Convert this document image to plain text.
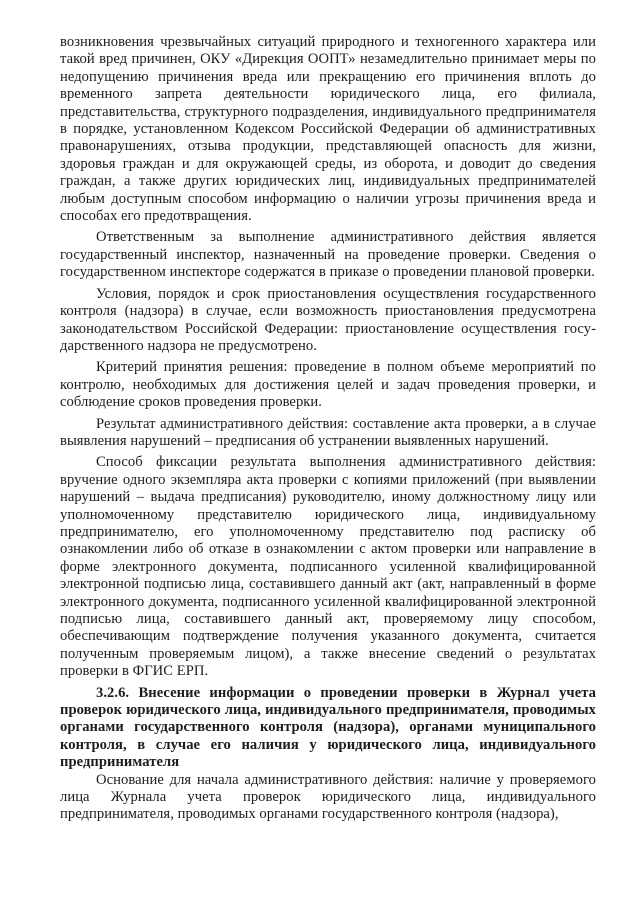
возникновения чрезвычайных ситуаций природного и техногенного характера или такой вред причинен, ОКУ «Дирекция ООПТ» незамедлительно принимает меры по недопущению причинения вреда или прекращению его причинения вплоть до временного запрета деятельности юридического лица, его филиала, представительства, структурного подразделения, индивидуального предпринимателя в порядке, установленном Кодексом Российской Федерации об административных правонарушениях, отзыва продукции, представляющей опасность для жизни, здоровья граждан и для окружающей среды, из оборота, и доводит до сведения граждан, а также других юридических лиц, индивидуальных предпринимателей любым доступным способом информацию о наличии угрозы причинения вреда и способах его предотвращения.

Ответственным за выполнение административного действия является государственный инспектор, назначенный на проведение проверки. Сведения о государственном инспекторе содержатся в приказе о проведении плановой проверки.

Условия, порядок и срок приостановления осуществления государственного контроля (надзора) в случае, если возможность приостановления предусмотрена законодательством Российской Федерации: приостановление осуществления госу-дарственного надзора не предусмотрено.

Критерий принятия решения: проведение в полном объеме мероприятий по контролю, необходимых для достижения целей и задач проведения проверки, и соблюдение сроков проведения проверки.

Результат административного действия: составление акта проверки, а в случае выявления нарушений – предписания об устранении выявленных нарушений.

Способ фиксации результата выполнения административного действия: вручение одного экземпляра акта проверки с копиями приложений (при выявлении нарушений – выдача предписания) руководителю, иному должностному лицу или уполномоченному представителю юридического лица, индивидуальному предпринимателю, его уполномоченному представителю под расписку об ознакомлении либо об отказе в ознакомлении с актом проверки или направление в форме электронного документа, подписанного усиленной квалифицированной электронной подписью лица, составившего данный акт (акт, направленный в форме электронного документа, подписанного усиленной квалифицированной электронной подписью лица, составившего данный акт, проверяемому лицу способом, обеспечивающим подтверждение получения указанного документа, считается полученным проверяемым лицом), а также внесение сведений о результатах проверки в ФГИС ЕРП.

3.2.6. Внесение информации о проведении проверки в Журнал учета проверок юридического лица, индивидуального предпринимателя, проводимых органами государственного контроля (надзора), органами муниципального контроля, в случае его наличия у юридического лица, индивидуального предпринимателя

Основание для начала административного действия: наличие у проверяемого лица Журнала учета проверок юридического лица, индивидуального предпринимателя, проводимых органами государственного контроля (надзора),
